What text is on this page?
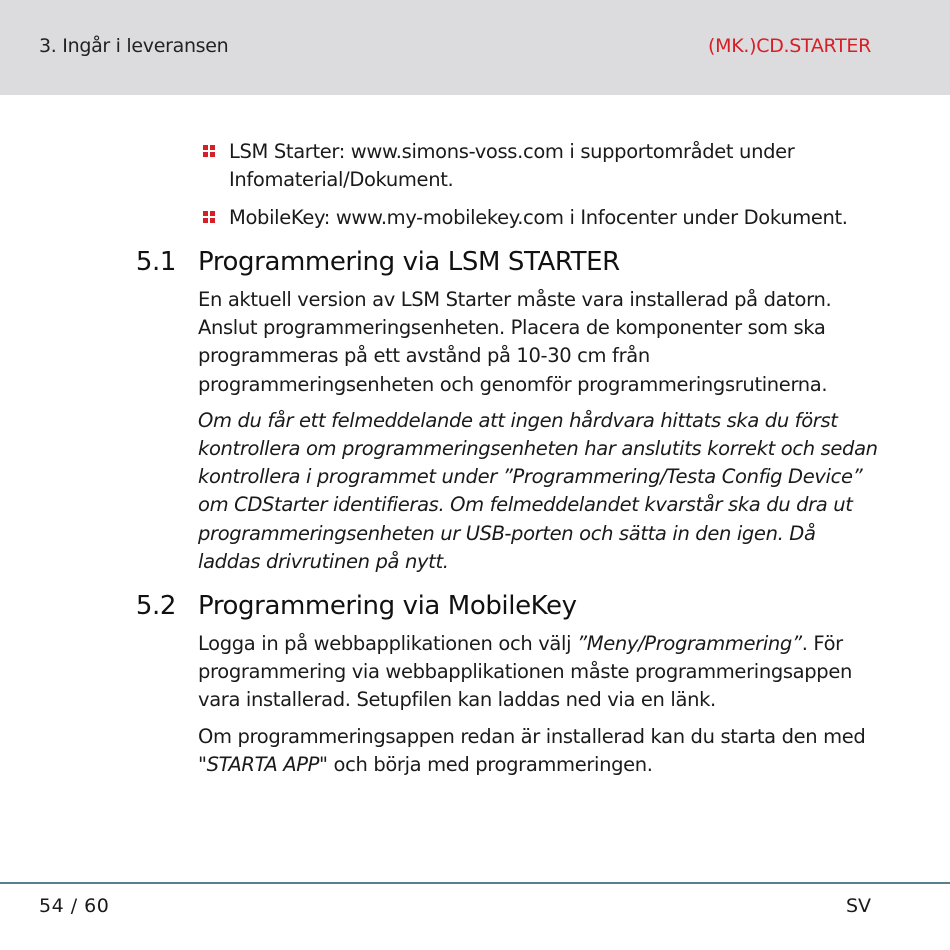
3. Ingår i leveransen	(MK.)CD.STARTER
LSM Starter: www.simons-voss.com i supportområdet under Infomaterial/Dokument.
MobileKey: www.my-mobilekey.com i Infocenter under Dokument.
5.1 Programmering via LSM STARTER

En aktuell version av LSM Starter måste vara installerad på datorn. Anslut programmeringsenheten. Placera de komponenter som ska programmeras på ett avstånd på 10-30 cm från programmeringsenheten och genomför programmeringsrutinerna.

Om du får ett felmeddelande att ingen hårdvara hittats ska du först kontrollera om programmeringsenheten har anslutits korrekt och sedan kontrollera i programmet under ”Programmering/Testa Config Device” om CDStarter identifieras. Om felmeddelandet kvarstår ska du dra ut programmeringsenheten ur USB-porten och sätta in den igen. Då laddas drivrutinen på nytt.

5.2 Programmering via MobileKey

Logga in på webbapplikationen och välj ”Meny/Programmering”. För programmering via webbapplikationen måste programmeringsappen vara installerad. Setupfilen kan laddas ned via en länk.

Om programmeringsappen redan är installerad kan du starta den med "STARTA APP" och börja med programmeringen.

54 / 60	SV
